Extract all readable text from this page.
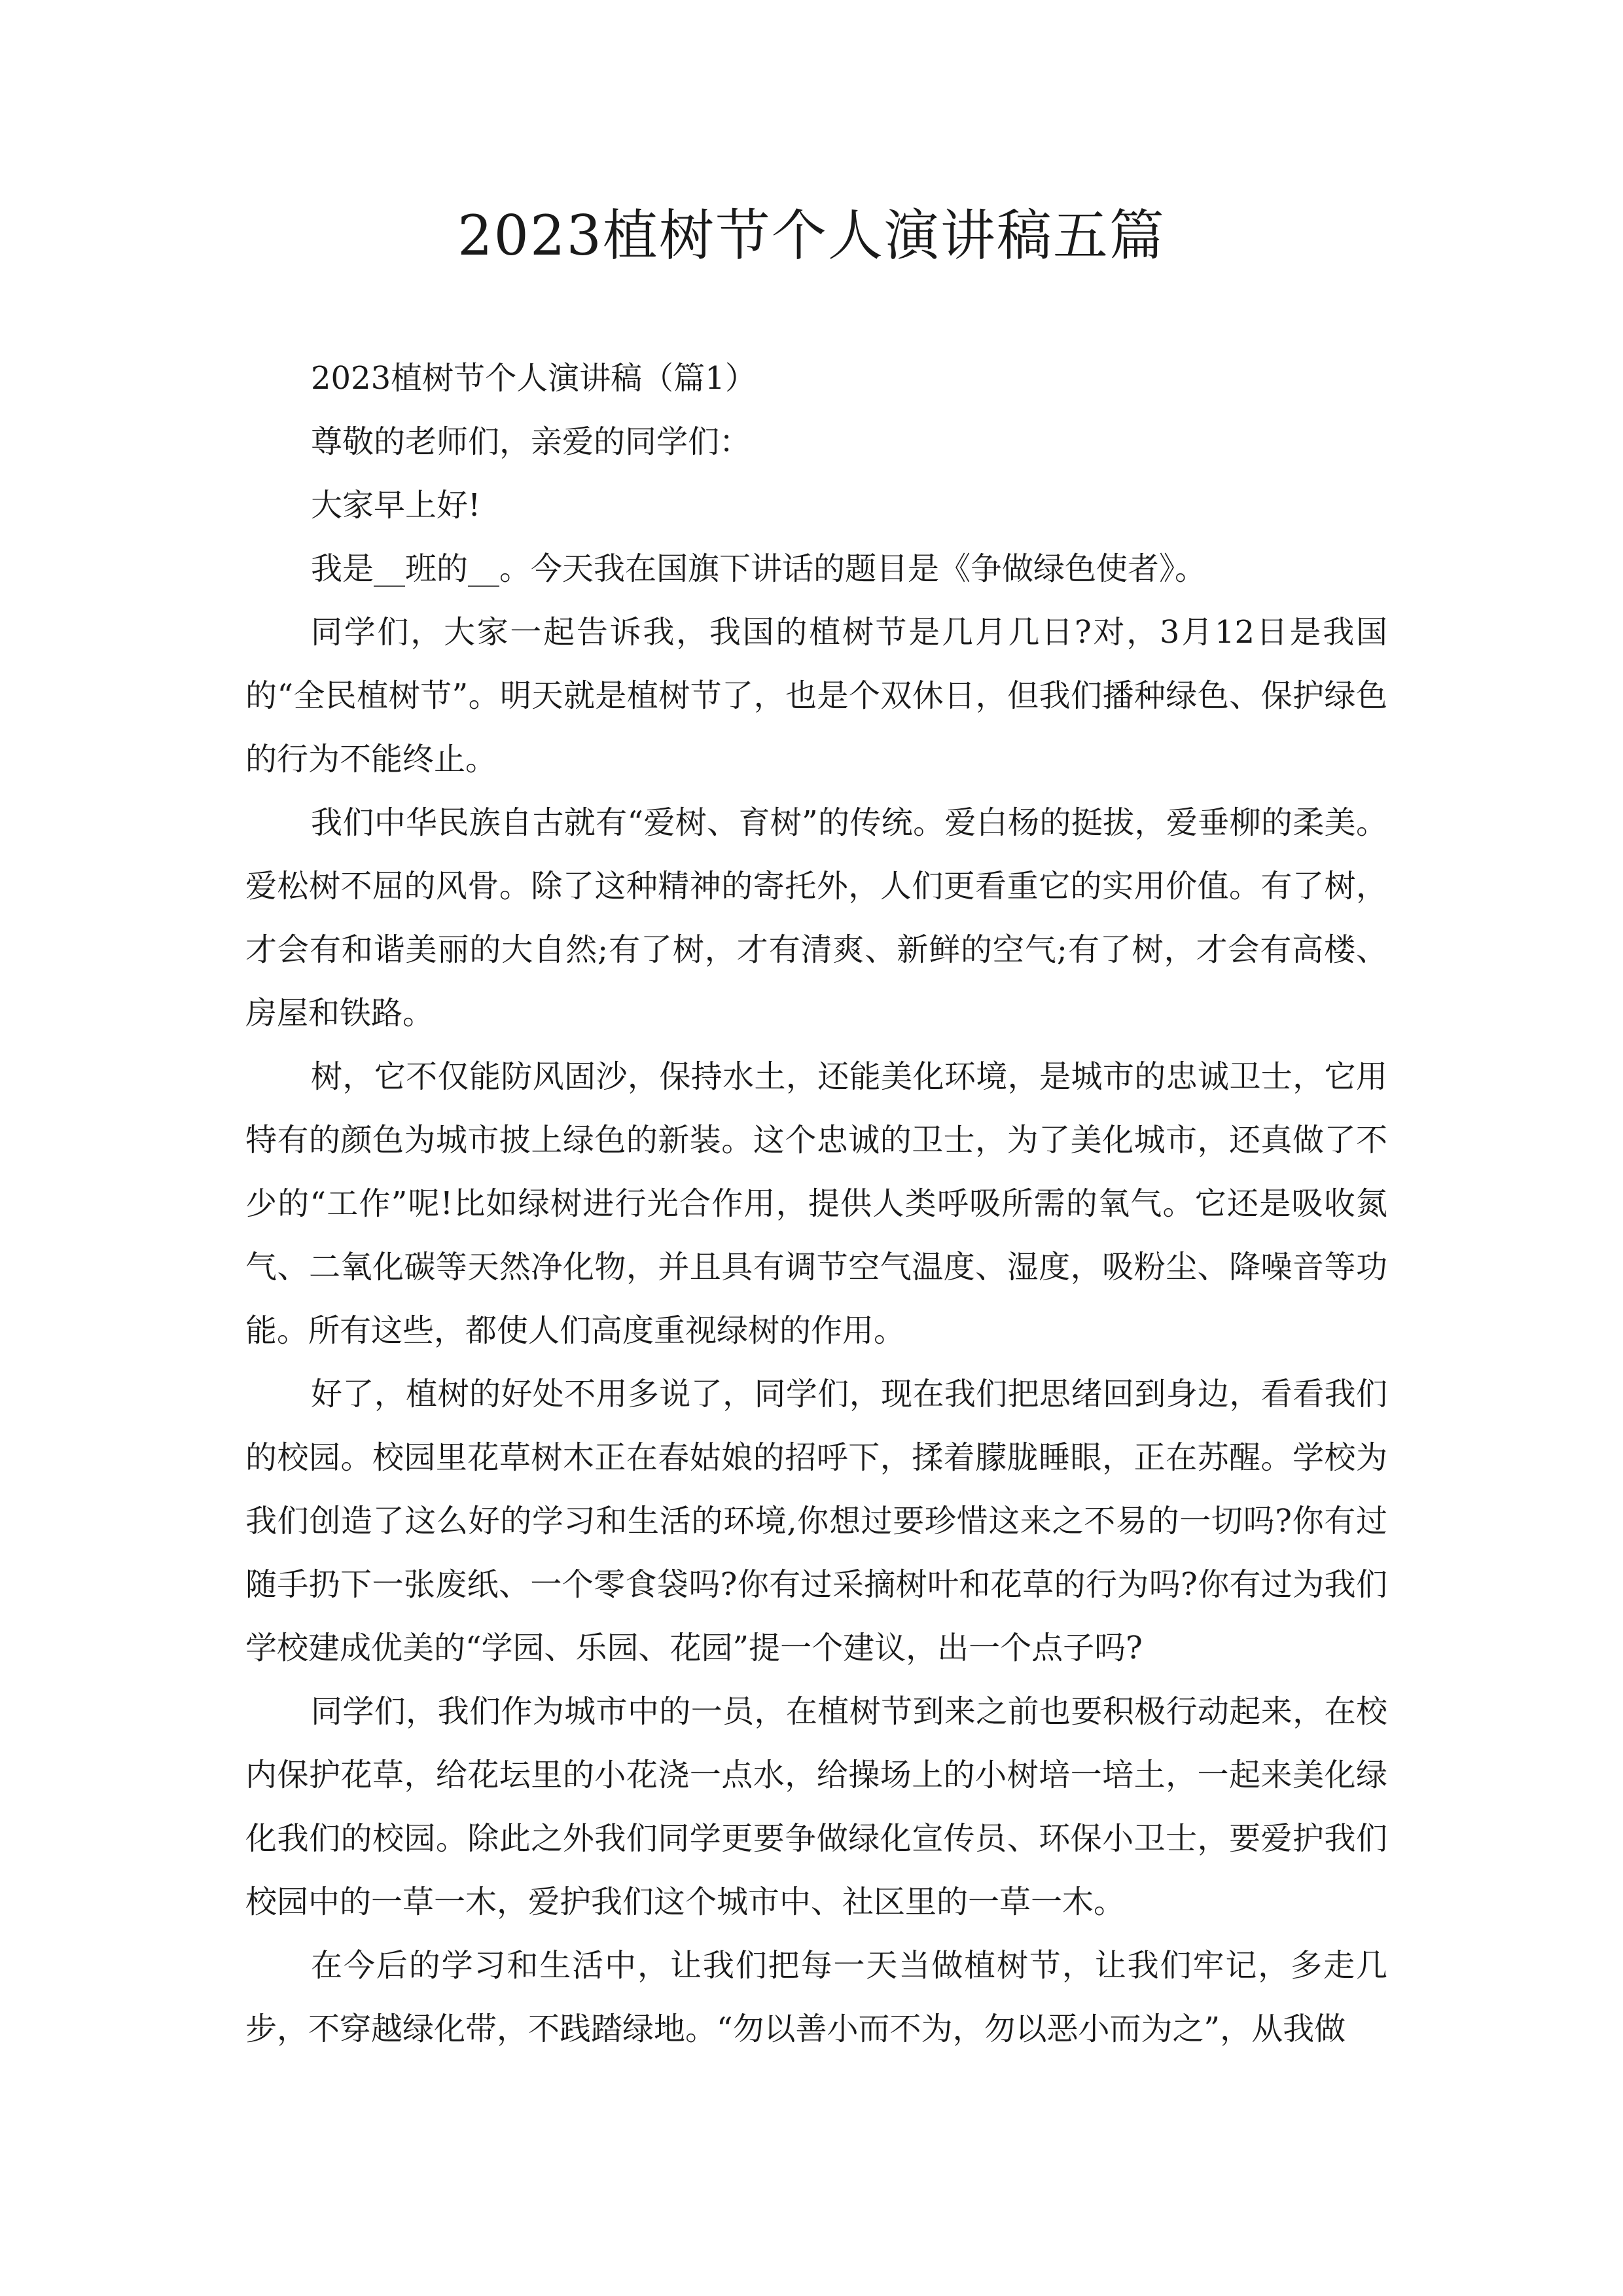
2023植树节个人演讲稿五篇

2023植树节个人演讲稿（篇1）

尊敬的老师们，亲爱的同学们：

大家早上好!

我是__班的__。今天我在国旗下讲话的题目是《争做绿色使者》。

同学们，大家一起告诉我，我国的植树节是几月几日?对，3月12日是我国的“全民植树节”。明天就是植树节了，也是个双休日，但我们播种绿色、保护绿色的行为不能终止。

我们中华民族自古就有“爱树、育树”的传统。爱白杨的挺拔，爱垂柳的柔美。爱松树不屈的风骨。除了这种精神的寄托外，人们更看重它的实用价值。有了树，才会有和谐美丽的大自然;有了树，才有清爽、新鲜的空气;有了树，才会有高楼、房屋和铁路。

树，它不仅能防风固沙，保持水土，还能美化环境，是城市的忠诚卫士，它用特有的颜色为城市披上绿色的新装。这个忠诚的卫士，为了美化城市，还真做了不少的“工作”呢!比如绿树进行光合作用，提供人类呼吸所需的氧气。它还是吸收氮气、二氧化碳等天然净化物，并且具有调节空气温度、湿度，吸粉尘、降噪音等功能。所有这些，都使人们高度重视绿树的作用。

好了，植树的好处不用多说了，同学们，现在我们把思绪回到身边，看看我们的校园。校园里花草树木正在春姑娘的招呼下，揉着朦胧睡眼，正在苏醒。学校为我们创造了这么好的学习和生活的环境,你想过要珍惜这来之不易的一切吗?你有过随手扔下一张废纸、一个零食袋吗?你有过采摘树叶和花草的行为吗?你有过为我们学校建成优美的“学园、乐园、花园”提一个建议，出一个点子吗?

同学们，我们作为城市中的一员，在植树节到来之前也要积极行动起来，在校内保护花草，给花坛里的小花浇一点水，给操场上的小树培一培土，一起来美化绿化我们的校园。除此之外我们同学更要争做绿化宣传员、环保小卫士，要爱护我们校园中的一草一木，爱护我们这个城市中、社区里的一草一木。

在今后的学习和生活中，让我们把每一天当做植树节，让我们牢记，多走几步，不穿越绿化带，不践踏绿地。“勿以善小而不为，勿以恶小而为之”，从我做
